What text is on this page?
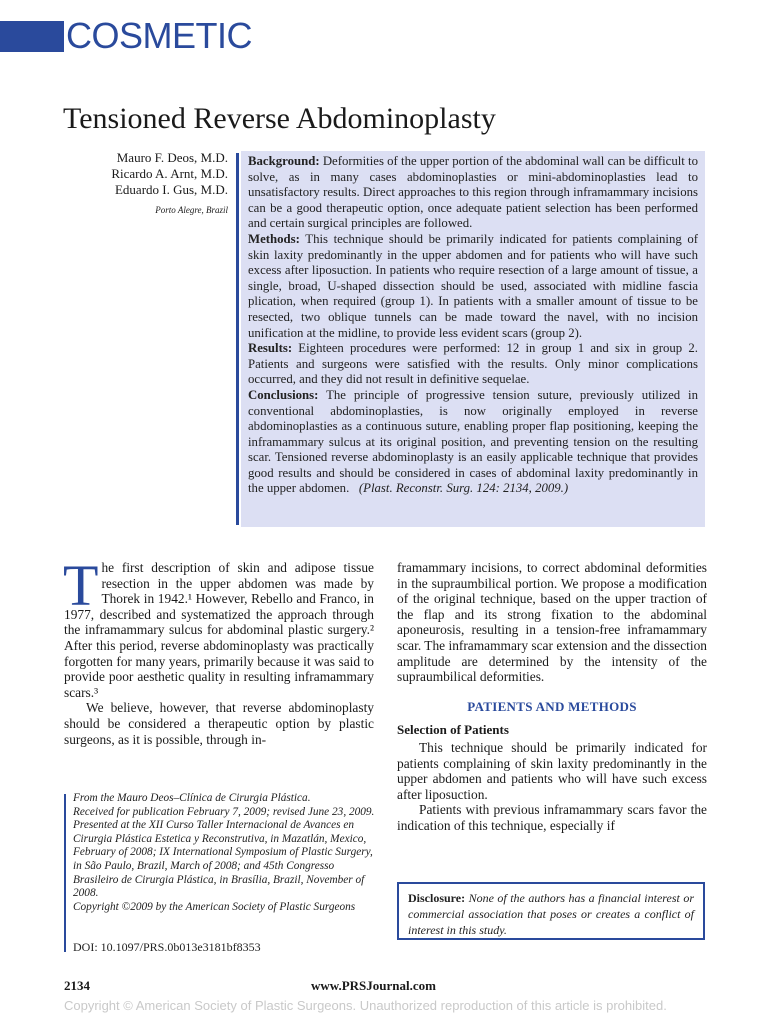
COSMETIC
Tensioned Reverse Abdominoplasty
Mauro F. Deos, M.D.
Ricardo A. Arnt, M.D.
Eduardo I. Gus, M.D.
Porto Alegre, Brazil

Background: Deformities of the upper portion of the abdominal wall can be difficult to solve, as in many cases abdominoplasties or mini-abdominoplasties lead to unsatisfactory results. Direct approaches to this region through inframammary incisions can be a good therapeutic option, once adequate patient selection has been performed and certain surgical principles are followed.

Methods: This technique should be primarily indicated for patients complaining of skin laxity predominantly in the upper abdomen and for patients who will have such excess after liposuction. In patients who require resection of a large amount of tissue, a single, broad, U-shaped dissection should be used, associated with midline fascia plication, when required (group 1). In patients with a smaller amount of tissue to be resected, two oblique tunnels can be made toward the navel, with no incision unification at the midline, to provide less evident scars (group 2).

Results: Eighteen procedures were performed: 12 in group 1 and six in group 2. Patients and surgeons were satisfied with the results. Only minor complications occurred, and they did not result in definitive sequelae.

Conclusions: The principle of progressive tension suture, previously utilized in conventional abdominoplasties, is now originally employed in reverse abdominoplasties as a continuous suture, enabling proper flap positioning, keeping the inframammary sulcus at its original position, and preventing tension on the resulting scar. Tensioned reverse abdominoplasty is an easily applicable technique that provides good results and should be considered in cases of abdominal laxity predominantly in the upper abdomen. (Plast. Reconstr. Surg. 124: 2134, 2009.)

The first description of skin and adipose tissue resection in the upper abdomen was made by Thorek in 1942.¹ However, Rebello and Franco, in 1977, described and systematized the approach through the inframammary sulcus for abdominal plastic surgery.² After this period, reverse abdominoplasty was practically forgotten for many years, primarily because it was said to provide poor aesthetic quality in resulting inframammary scars.³

We believe, however, that reverse abdominoplasty should be considered a therapeutic option by plastic surgeons, as it is possible, through in-

framammary incisions, to correct abdominal deformities in the supraumbilical portion. We propose a modification of the original technique, based on the upper traction of the flap and its strong fixation to the abdominal aponeurosis, resulting in a tension-free inframammary scar. The inframammary scar extension and the dissection amplitude are determined by the intensity of the supraumbilical deformities.

PATIENTS AND METHODS

Selection of Patients

This technique should be primarily indicated for patients complaining of skin laxity predominantly in the upper abdomen and patients who will have such excess after liposuction.

Patients with previous inframammary scars favor the indication of this technique, especially if

From the Mauro Deos–Clínica de Cirurgia Plástica.

Received for publication February 7, 2009; revised June 23, 2009.

Presented at the XII Curso Taller Internacional de Avances en Cirurgia Plástica Estetica y Reconstrutiva, in Mazatlán, Mexico, February of 2008; IX International Symposium of Plastic Surgery, in São Paulo, Brazil, March of 2008; and 45th Congresso Brasileiro de Cirurgia Plástica, in Brasília, Brazil, November of 2008.

Copyright ©2009 by the American Society of Plastic Surgeons

DOI: 10.1097/PRS.0b013e3181bf8353
Disclosure: None of the authors has a financial interest or commercial association that poses or creates a conflict of interest in this study.
2134	www.PRSJournal.com
Copyright © American Society of Plastic Surgeons. Unauthorized reproduction of this article is prohibited.
